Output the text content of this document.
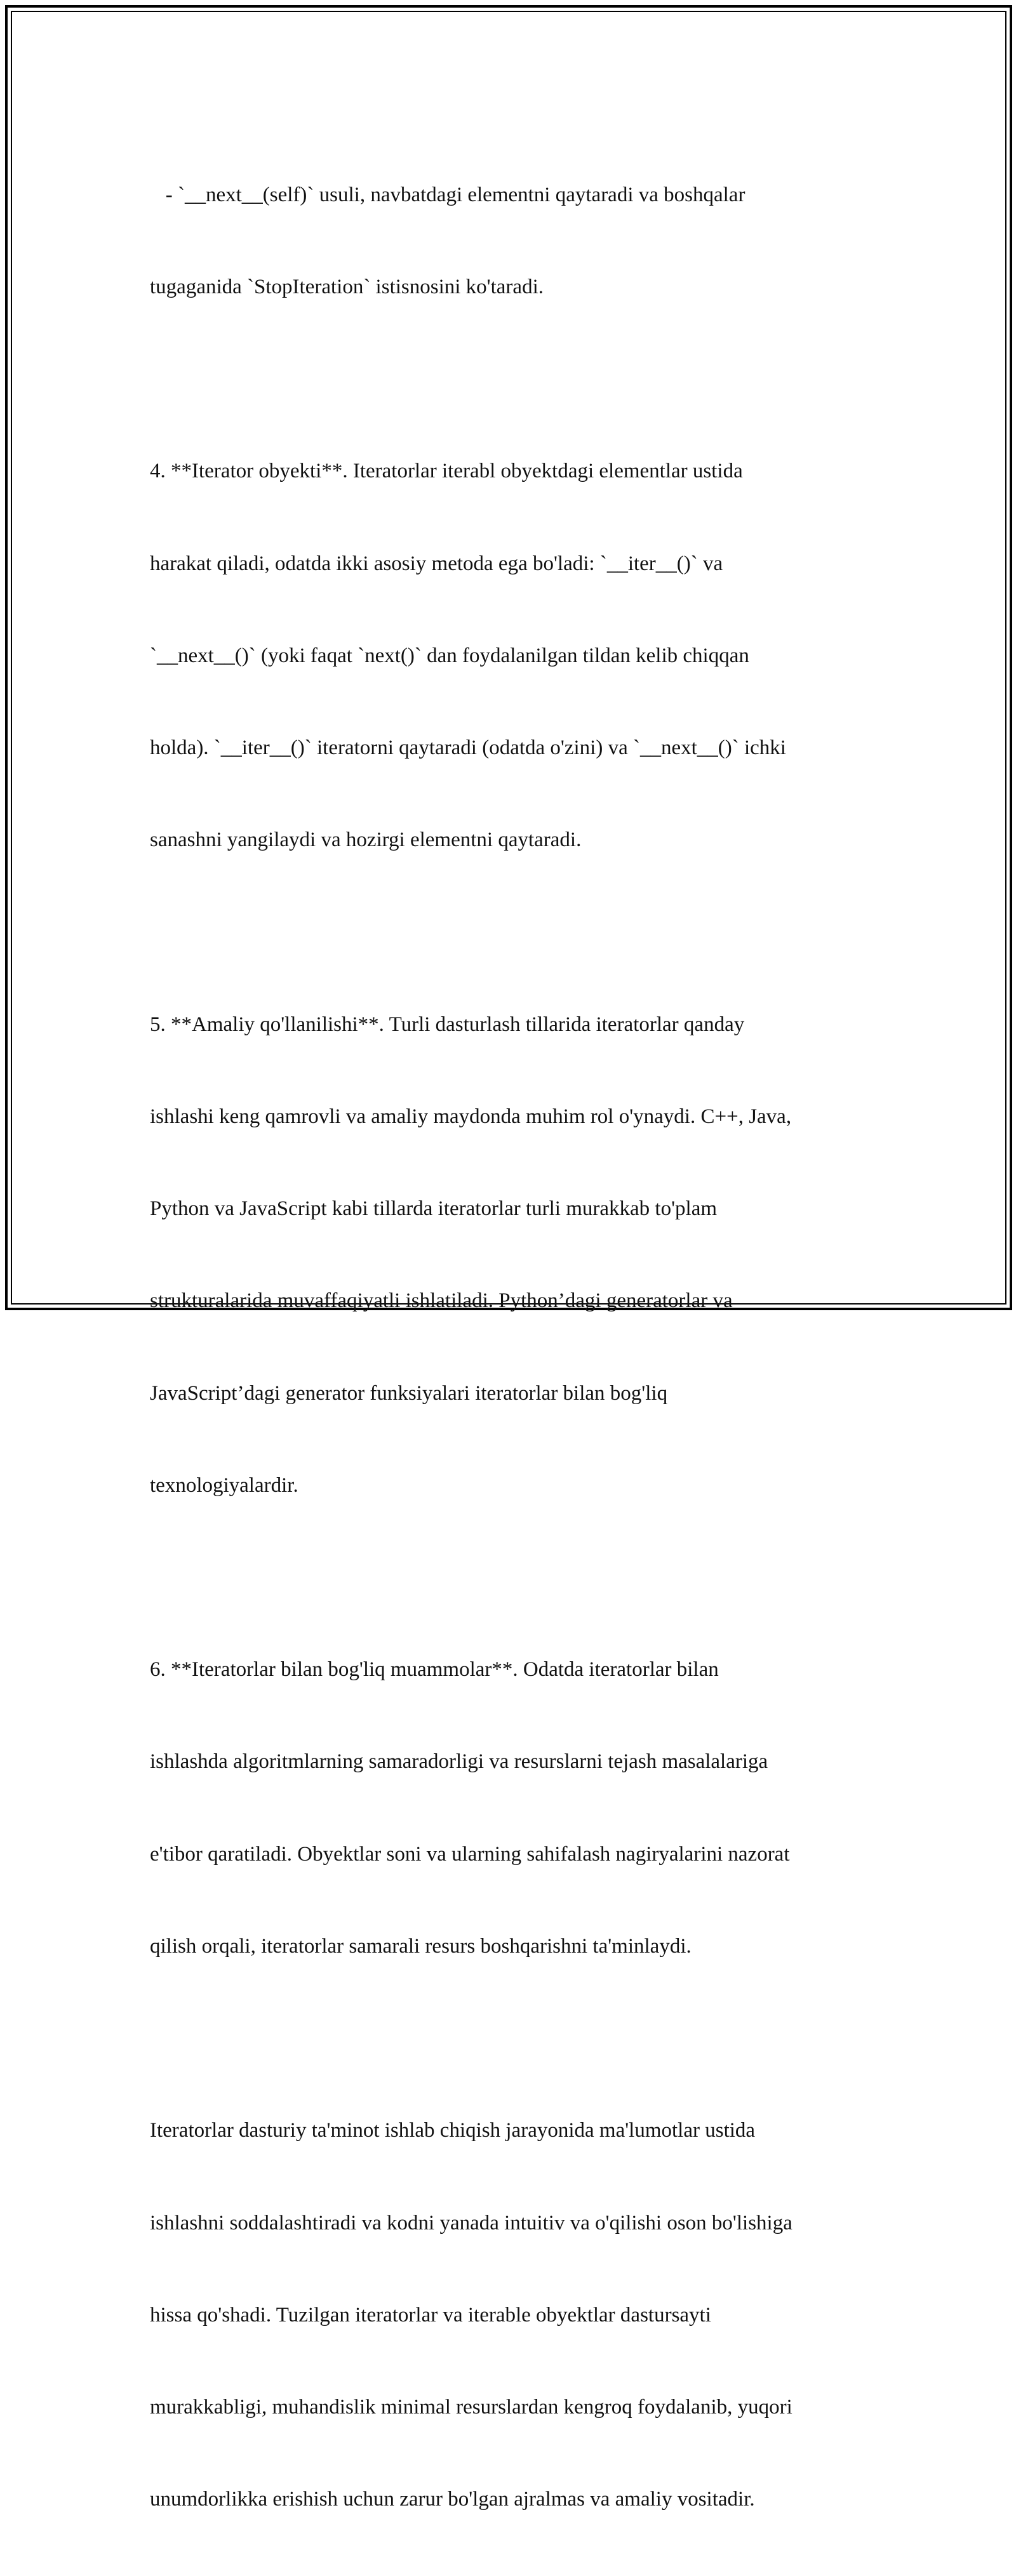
- `__next__(self)` usuli, navbatdagi elementni qaytaradi va boshqalar

tugaganida `StopIteration` istisnosini ko'taradi.

4. **Iterator obyekti**. Iteratorlar iterabl obyektdagi elementlar ustida

harakat qiladi, odatda ikki asosiy metoda ega bo'ladi: `__iter__()` va

`__next__()` (yoki faqat `next()` dan foydalanilgan tildan kelib chiqqan

holda). `__iter__()` iteratorni qaytaradi (odatda o'zini) va `__next__()` ichki

sanashni yangilaydi va hozirgi elementni qaytaradi.

5. **Amaliy qo'llanilishi**. Turli dasturlash tillarida iteratorlar qanday

ishlashi keng qamrovli va amaliy maydonda muhim rol o'ynaydi. C++, Java,

Python va JavaScript kabi tillarda iteratorlar turli murakkab to'plam

strukturalarida muvaffaqiyatli ishlatiladi. Python’dagi generatorlar va

JavaScript’dagi generator funksiyalari iteratorlar bilan bog'liq

texnologiyalardir.

6. **Iteratorlar bilan bog'liq muammolar**. Odatda iteratorlar bilan

ishlashda algoritmlarning samaradorligi va resurslarni tejash masalalariga

e'tibor qaratiladi. Obyektlar soni va ularning sahifalash nagiryalarini nazorat

qilish orqali, iteratorlar samarali resurs boshqarishni ta'minlaydi.

Iteratorlar dasturiy ta'minot ishlab chiqish jarayonida ma'lumotlar ustida

ishlashni soddalashtiradi va kodni yanada intuitiv va o'qilishi oson bo'lishiga

hissa qo'shadi. Tuzilgan iteratorlar va iterable obyektlar dastursayti

murakkabligi, muhandislik minimal resurslardan kengroq foydalanib, yuqori

unumdorlikka erishish uchun zarur bo'lgan ajralmas va amaliy vositadir.
